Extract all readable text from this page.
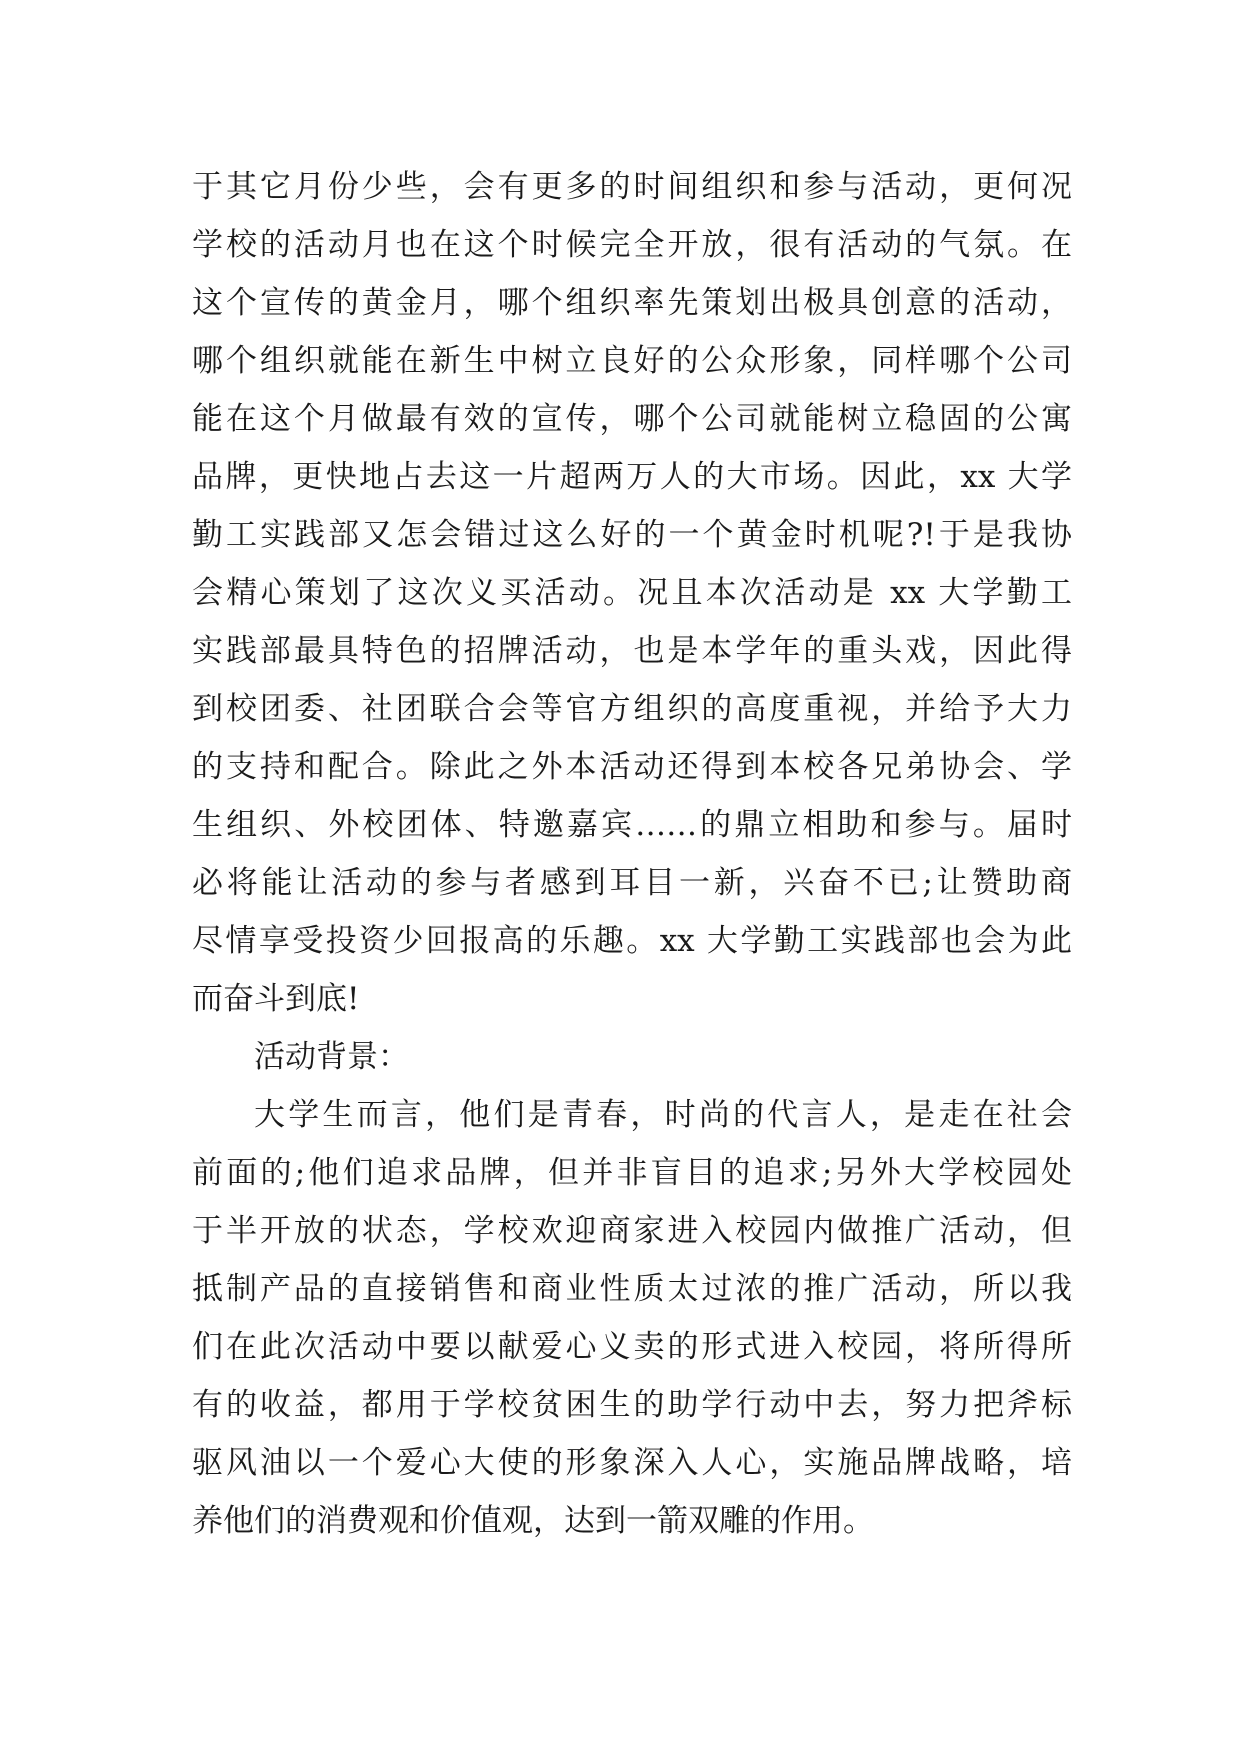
于其它月份少些，会有更多的时间组织和参与活动，更何况
学校的活动月也在这个时候完全开放，很有活动的气氛。在
这个宣传的黄金月，哪个组织率先策划出极具创意的活动，
哪个组织就能在新生中树立良好的公众形象，同样哪个公司
能在这个月做最有效的宣传，哪个公司就能树立稳固的公寓
品牌，更快地占去这一片超两万人的大市场。因此，xx 大学
勤工实践部又怎会错过这么好的一个黄金时机呢?!于是我协
会精心策划了这次义买活动。况且本次活动是 xx 大学勤工
实践部最具特色的招牌活动，也是本学年的重头戏，因此得
到校团委、社团联合会等官方组织的高度重视，并给予大力
的支持和配合。除此之外本活动还得到本校各兄弟协会、学
生组织、外校团体、特邀嘉宾……的鼎立相助和参与。届时
必将能让活动的参与者感到耳目一新，兴奋不已;让赞助商
尽情享受投资少回报高的乐趣。xx 大学勤工实践部也会为此
而奋斗到底!
活动背景：
大学生而言，他们是青春，时尚的代言人，是走在社会
前面的;他们追求品牌，但并非盲目的追求;另外大学校园处
于半开放的状态，学校欢迎商家进入校园内做推广活动，但
抵制产品的直接销售和商业性质太过浓的推广活动，所以我
们在此次活动中要以献爱心义卖的形式进入校园，将所得所
有的收益，都用于学校贫困生的助学行动中去，努力把斧标
驱风油以一个爱心大使的形象深入人心，实施品牌战略，培
养他们的消费观和价值观，达到一箭双雕的作用。
